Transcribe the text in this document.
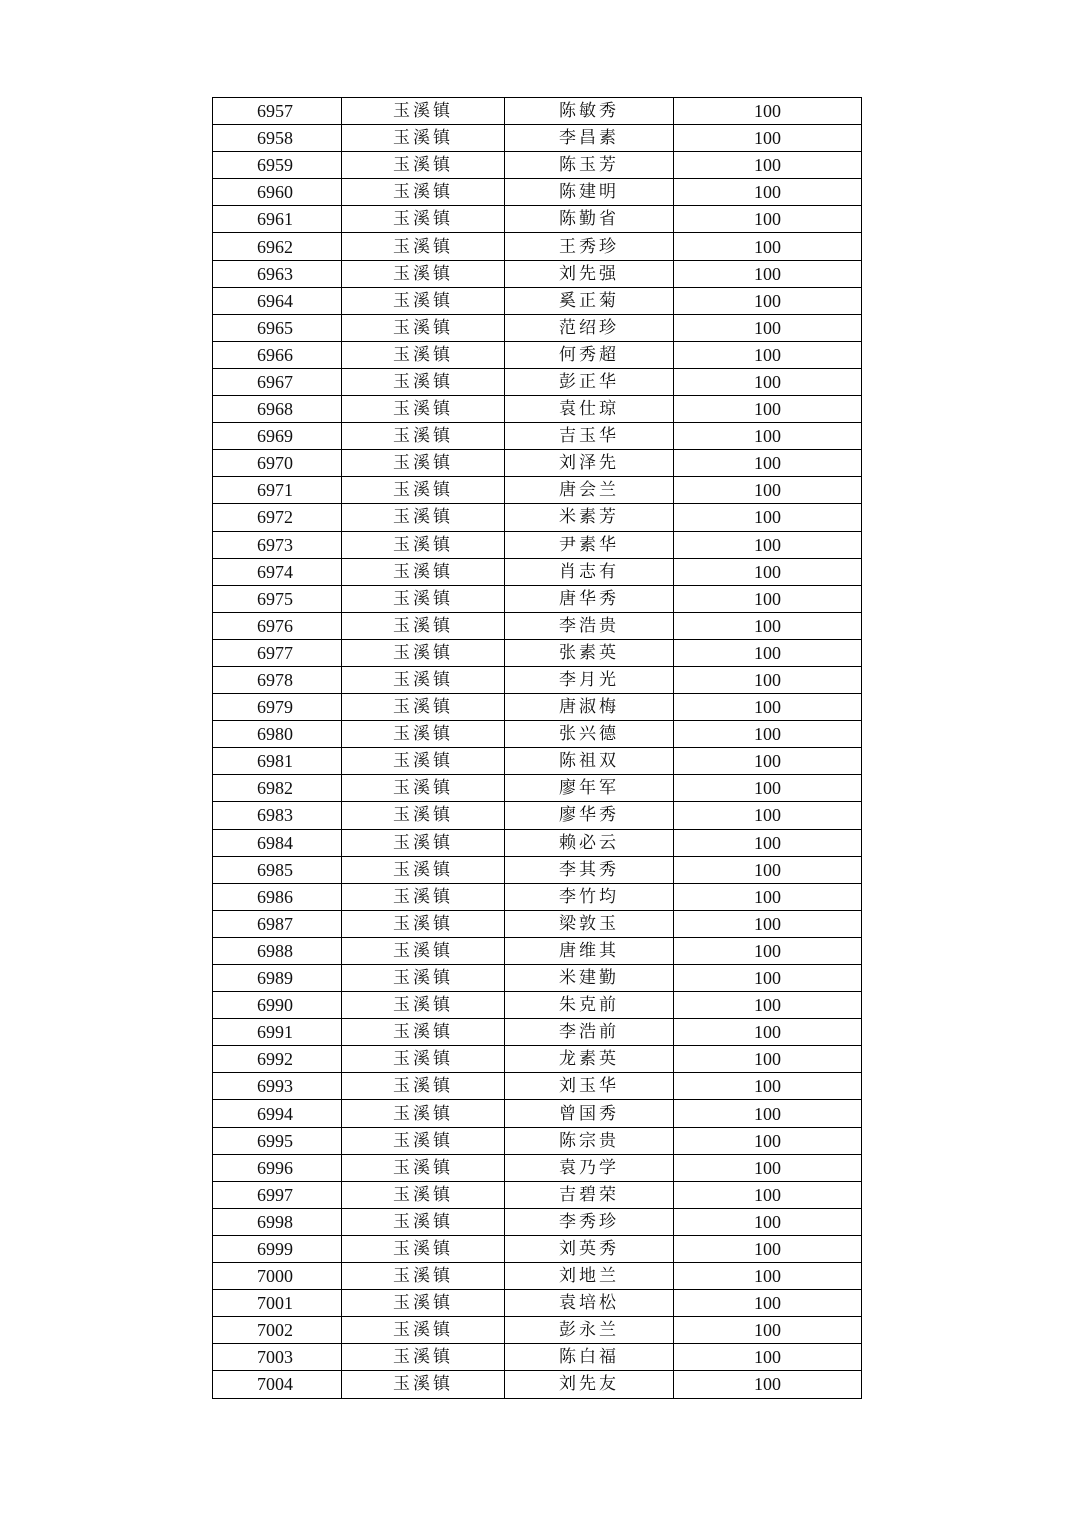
6957	玉溪镇	陈敏秀	100
6958	玉溪镇	李昌素	100
6959	玉溪镇	陈玉芳	100
6960	玉溪镇	陈建明	100
6961	玉溪镇	陈勤省	100
6962	玉溪镇	王秀珍	100
6963	玉溪镇	刘先强	100
6964	玉溪镇	奚正菊	100
6965	玉溪镇	范绍珍	100
6966	玉溪镇	何秀超	100
6967	玉溪镇	彭正华	100
6968	玉溪镇	袁仕琼	100
6969	玉溪镇	吉玉华	100
6970	玉溪镇	刘泽先	100
6971	玉溪镇	唐会兰	100
6972	玉溪镇	米素芳	100
6973	玉溪镇	尹素华	100
6974	玉溪镇	肖志有	100
6975	玉溪镇	唐华秀	100
6976	玉溪镇	李浩贵	100
6977	玉溪镇	张素英	100
6978	玉溪镇	李月光	100
6979	玉溪镇	唐淑梅	100
6980	玉溪镇	张兴德	100
6981	玉溪镇	陈祖双	100
6982	玉溪镇	廖年军	100
6983	玉溪镇	廖华秀	100
6984	玉溪镇	赖必云	100
6985	玉溪镇	李其秀	100
6986	玉溪镇	李竹均	100
6987	玉溪镇	梁敦玉	100
6988	玉溪镇	唐维其	100
6989	玉溪镇	米建勤	100
6990	玉溪镇	朱克前	100
6991	玉溪镇	李浩前	100
6992	玉溪镇	龙素英	100
6993	玉溪镇	刘玉华	100
6994	玉溪镇	曾国秀	100
6995	玉溪镇	陈宗贵	100
6996	玉溪镇	袁乃学	100
6997	玉溪镇	吉碧荣	100
6998	玉溪镇	李秀珍	100
6999	玉溪镇	刘英秀	100
7000	玉溪镇	刘地兰	100
7001	玉溪镇	袁培松	100
7002	玉溪镇	彭永兰	100
7003	玉溪镇	陈白福	100
7004	玉溪镇	刘先友	100
